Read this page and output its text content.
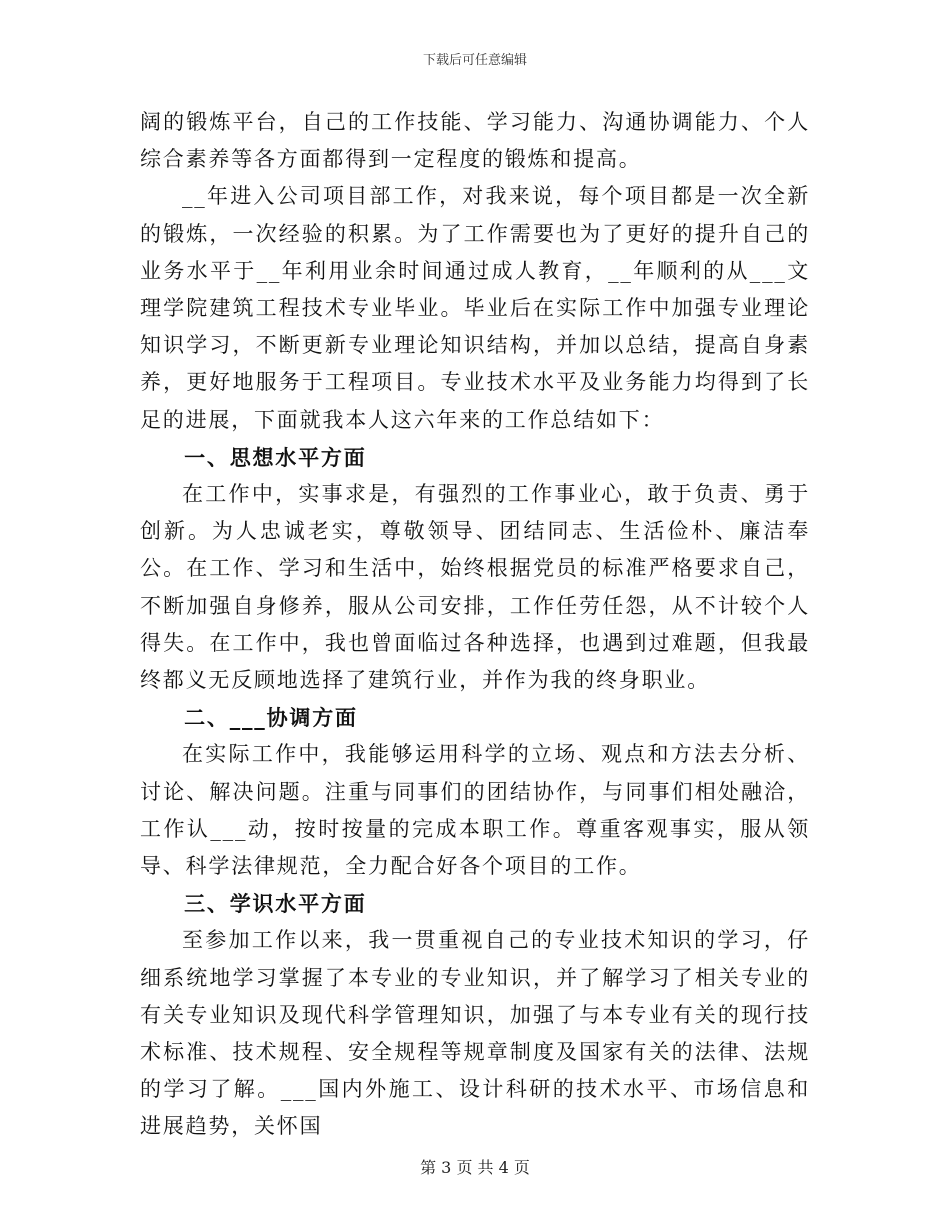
下载后可任意编辑

阔的锻炼平台，自己的工作技能、学习能力、沟通协调能力、个人综合素养等各方面都得到一定程度的锻炼和提高。

__年进入公司项目部工作，对我来说，每个项目都是一次全新的锻炼，一次经验的积累。为了工作需要也为了更好的提升自己的业务水平于__年利用业余时间通过成人教育，__年顺利的从___文理学院建筑工程技术专业毕业。毕业后在实际工作中加强专业理论知识学习，不断更新专业理论知识结构，并加以总结，提高自身素养，更好地服务于工程项目。专业技术水平及业务能力均得到了长足的进展，下面就我本人这六年来的工作总结如下：

一、思想水平方面

在工作中，实事求是，有强烈的工作事业心，敢于负责、勇于创新。为人忠诚老实，尊敬领导、团结同志、生活俭朴、廉洁奉公。在工作、学习和生活中，始终根据党员的标准严格要求自己，不断加强自身修养，服从公司安排，工作任劳任怨，从不计较个人得失。在工作中，我也曾面临过各种选择，也遇到过难题，但我最终都义无反顾地选择了建筑行业，并作为我的终身职业。

二、___协调方面

在实际工作中，我能够运用科学的立场、观点和方法去分析、讨论、解决问题。注重与同事们的团结协作，与同事们相处融洽，工作认___动，按时按量的完成本职工作。尊重客观事实，服从领导、科学法律规范，全力配合好各个项目的工作。

三、学识水平方面

至参加工作以来，我一贯重视自己的专业技术知识的学习，仔细系统地学习掌握了本专业的专业知识，并了解学习了相关专业的有关专业知识及现代科学管理知识，加强了与本专业有关的现行技术标准、技术规程、安全规程等规章制度及国家有关的法律、法规的学习了解。___国内外施工、设计科研的技术水平、市场信息和进展趋势，关怀国

第 3 页 共 4 页
